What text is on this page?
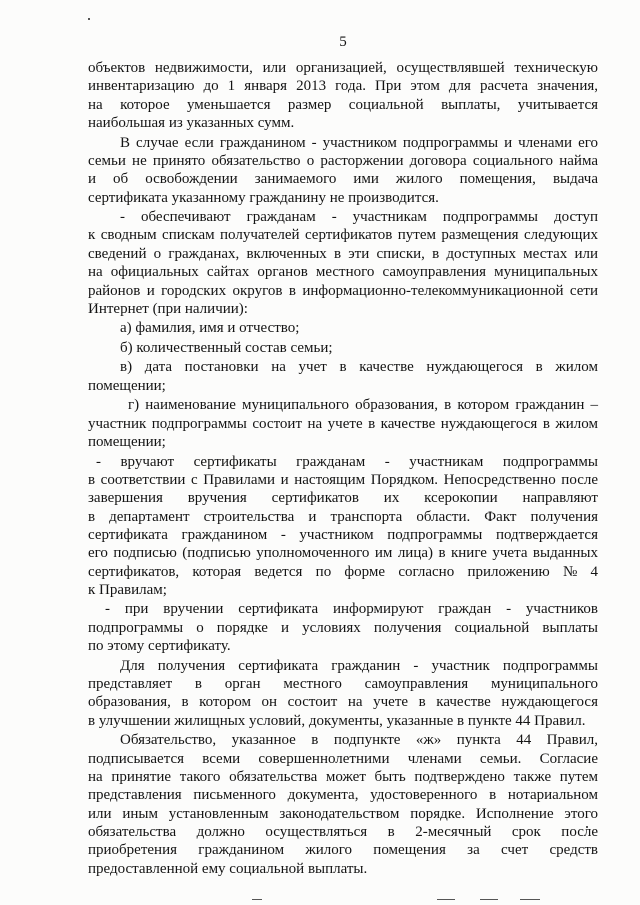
5
объектов недвижимости, или организацией, осуществлявшей техническую
инвентаризацию до 1 января 2013 года. При этом для расчета значения,
на которое уменьшается размер социальной выплаты, учитывается
наибольшая из указанных сумм.
В случае если гражданином - участником подпрограммы и членами его
семьи не принято обязательство о расторжении договора социального найма
и об освобождении занимаемого ими жилого помещения, выдача
сертификата указанному гражданину не производится.
- обеспечивают гражданам - участникам подпрограммы доступ
к сводным спискам получателей сертификатов путем размещения следующих
сведений о гражданах, включенных в эти списки, в доступных местах или
на официальных сайтах органов местного самоуправления муниципальных
районов и городских округов в информационно-телекоммуникационной сети
Интернет (при наличии):
а) фамилия, имя и отчество;
б) количественный состав семьи;
в) дата постановки на учет в качестве нуждающегося в жилом
помещении;
г) наименование муниципального образования, в котором гражданин –
участник подпрограммы состоит на учете в качестве нуждающегося в жилом
помещении;
- вручают сертификаты гражданам - участникам подпрограммы
в соответствии с Правилами и настоящим Порядком. Непосредственно после
завершения вручения сертификатов их ксерокопии направляют
в департамент строительства и транспорта области. Факт получения
сертификата гражданином - участником подпрограммы подтверждается
его подписью (подписью уполномоченного им лица) в книге учета выданных
сертификатов, которая ведется по форме согласно приложению № 4
к Правилам;
- при вручении сертификата информируют граждан - участников
подпрограммы о порядке и условиях получения социальной выплаты
по этому сертификату.
Для получения сертификата гражданин - участник подпрограммы
представляет в орган местного самоуправления муниципального
образования, в котором он состоит на учете в качестве нуждающегося
в улучшении жилищных условий, документы, указанные в пункте 44 Правил.
Обязательство, указанное в подпункте «ж» пункта 44 Правил,
подписывается всеми совершеннолетними членами семьи. Согласие
на принятие такого обязательства может быть подтверждено также путем
представления письменного документа, удостоверенного в нотариальном
или иным установленным законодательством порядке. Исполнение этого
обязательства должно осуществляться в 2-месячный срок после
приобретения гражданином жилого помещения за счет средств
предоставленной ему социальной выплаты.
